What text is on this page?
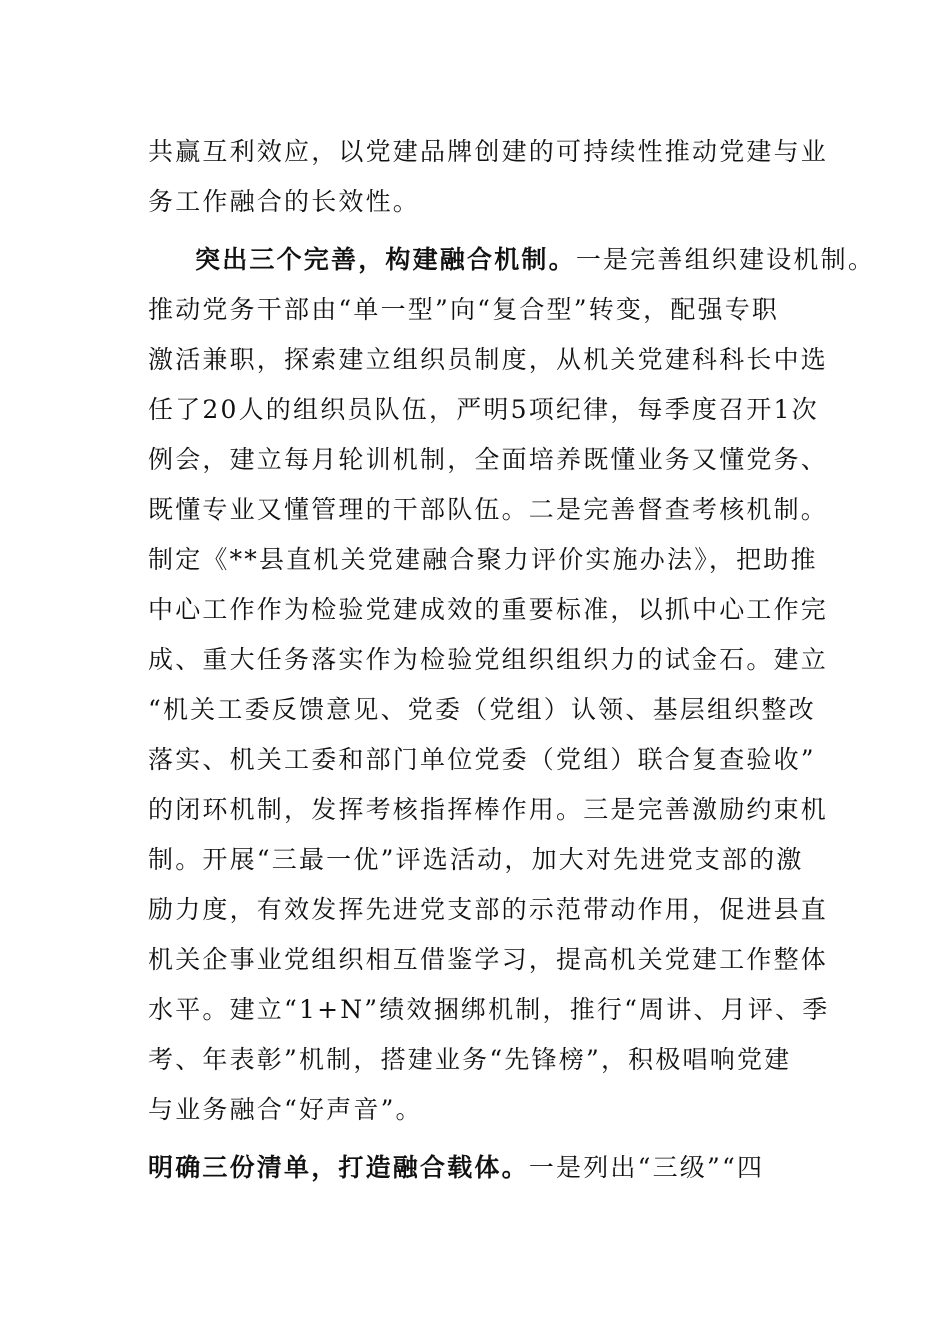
共赢互利效应，以党建品牌创建的可持续性推动党建与业
务工作融合的长效性。
突出三个完善，构建融合机制。一是完善组织建设机制。
推动党务干部由“单一型”向“复合型”转变，配强专职
激活兼职，探索建立组织员制度，从机关党建科科长中选
任了20人的组织员队伍，严明5项纪律，每季度召开1次
例会，建立每月轮训机制，全面培养既懂业务又懂党务、
既懂专业又懂管理的干部队伍。二是完善督查考核机制。
制定《**县直机关党建融合聚力评价实施办法》，把助推
中心工作作为检验党建成效的重要标准，以抓中心工作完
成、重大任务落实作为检验党组织组织力的试金石。建立
“机关工委反馈意见、党委（党组）认领、基层组织整改
落实、机关工委和部门单位党委（党组）联合复查验收”
的闭环机制，发挥考核指挥棒作用。三是完善激励约束机
制。开展“三最一优”评选活动，加大对先进党支部的激
励力度，有效发挥先进党支部的示范带动作用，促进县直
机关企事业党组织相互借鉴学习，提高机关党建工作整体
水平。建立“1+N”绩效捆绑机制，推行“周讲、月评、季
考、年表彰”机制，搭建业务“先锋榜”，积极唱响党建
与业务融合“好声音”。
明确三份清单，打造融合载体。一是列出“三级”“四
